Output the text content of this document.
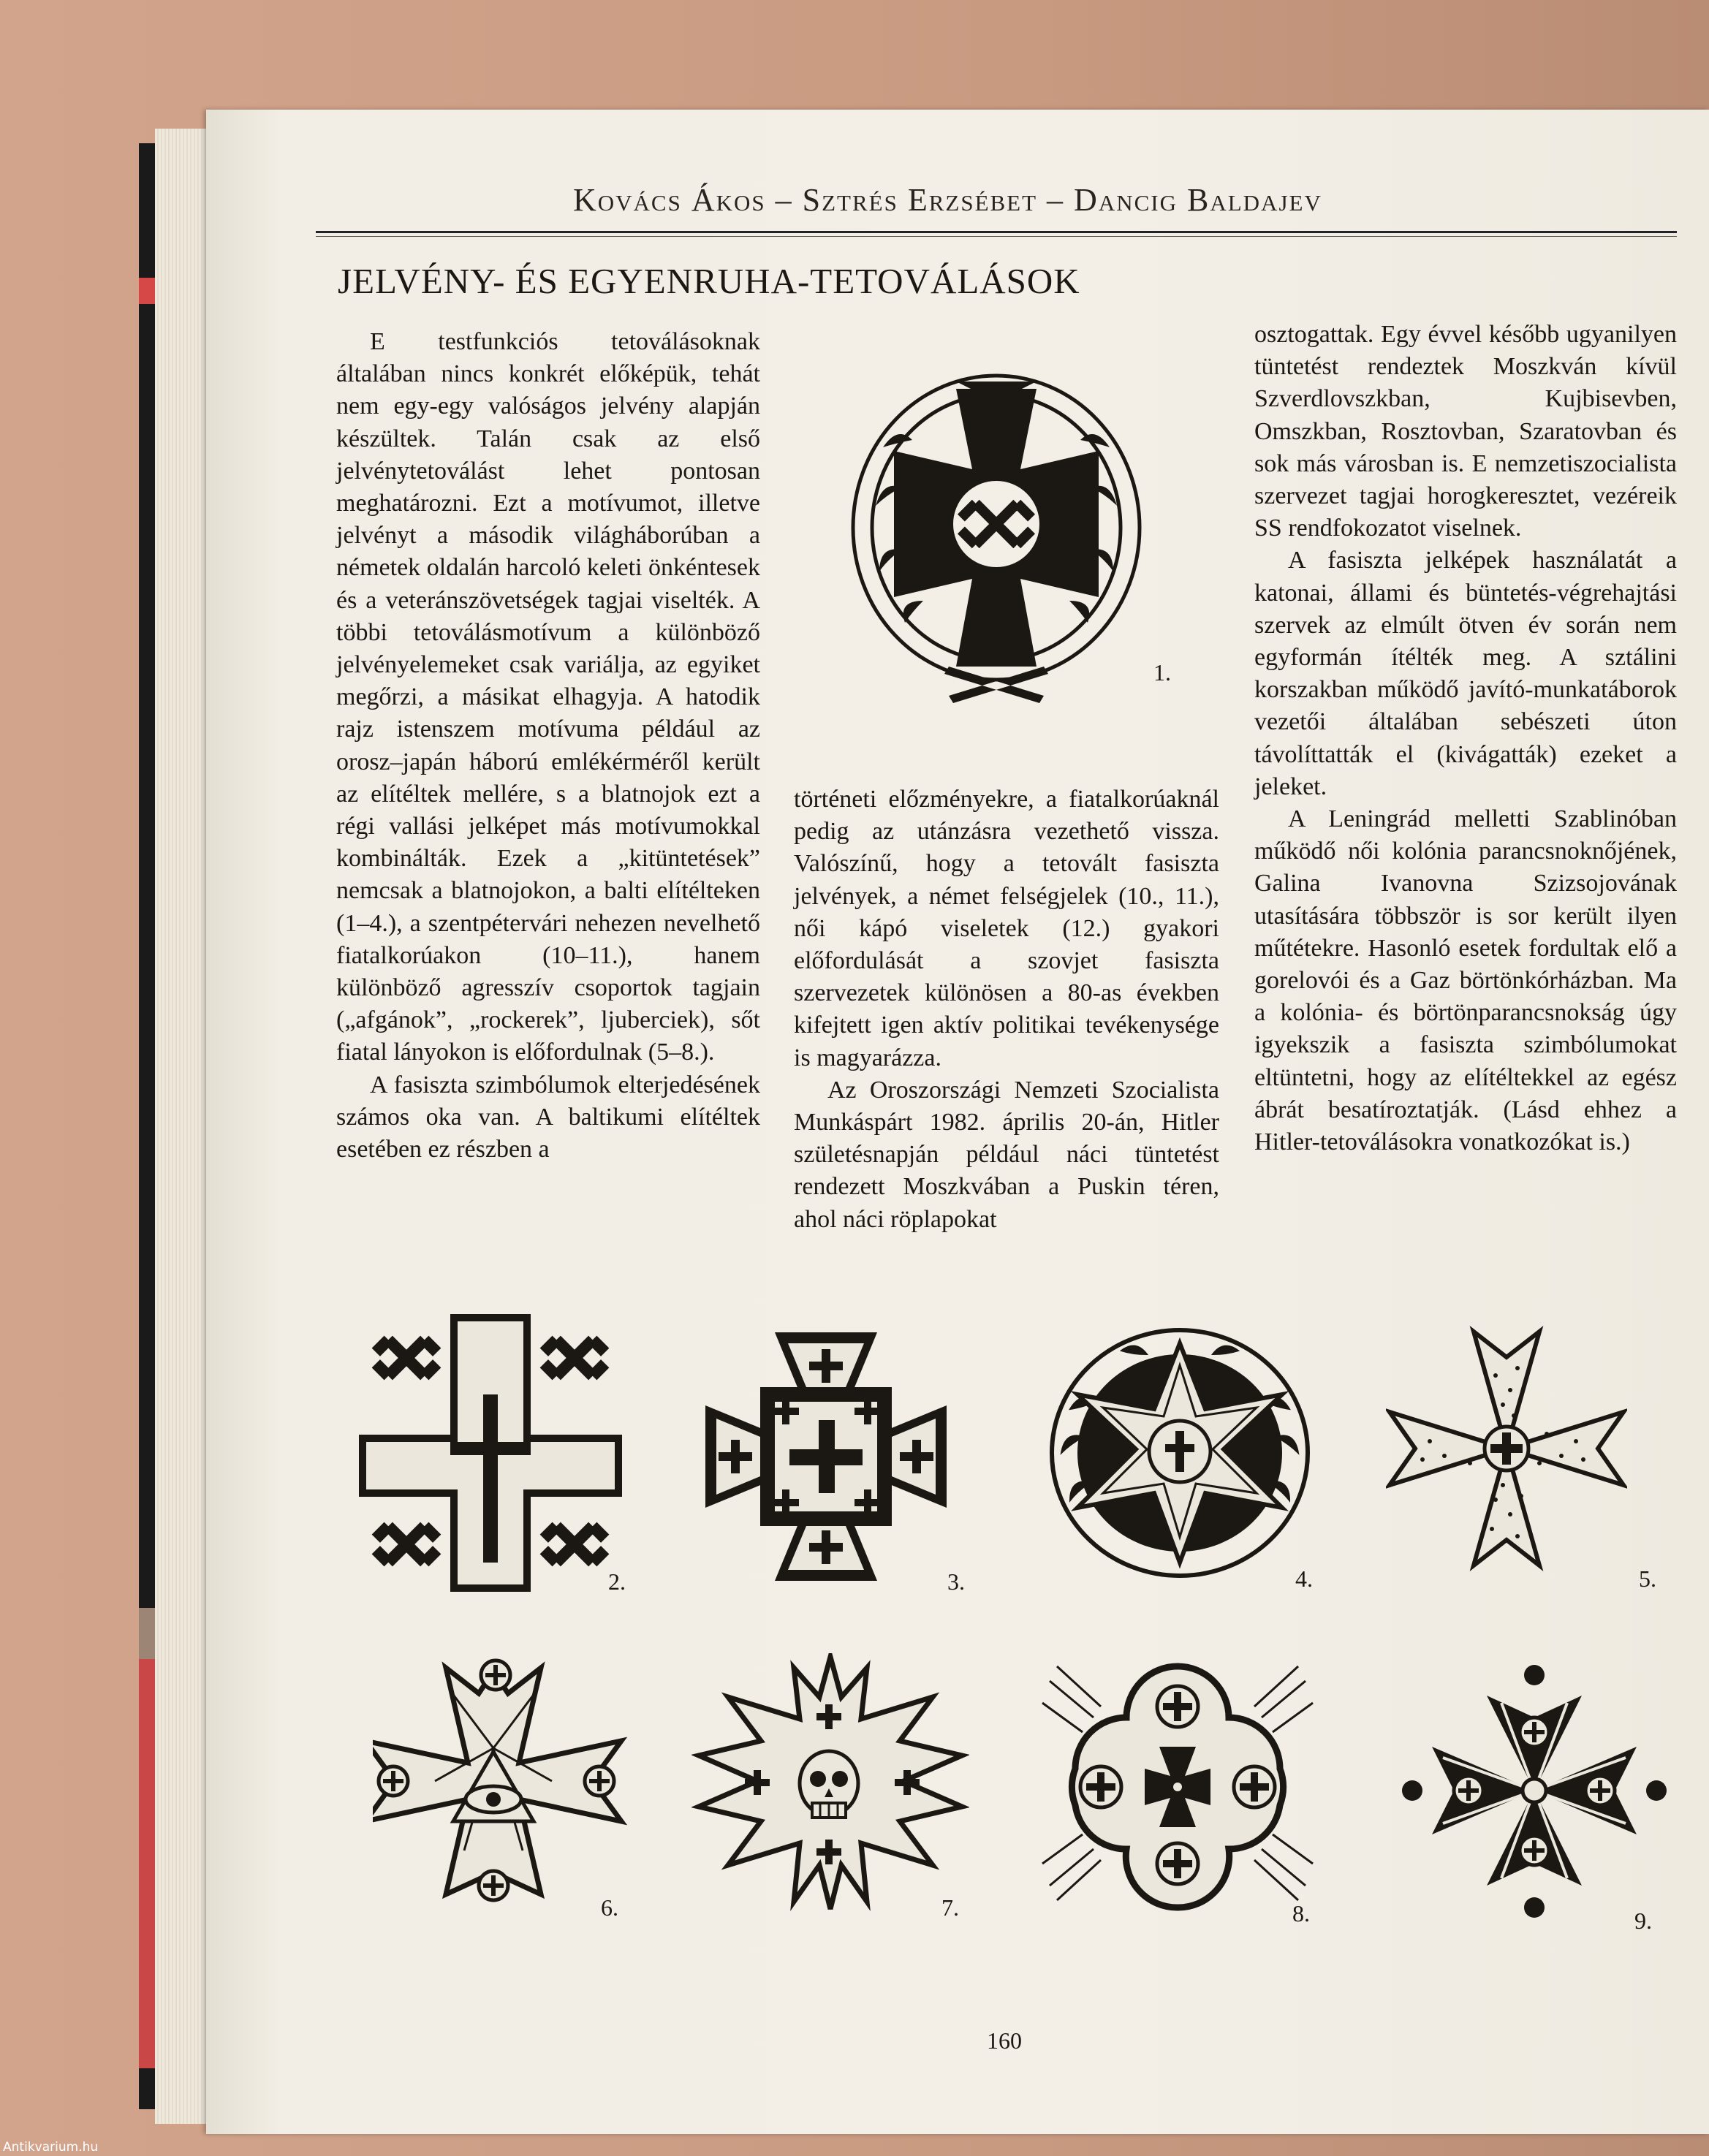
Kovács Ákos – Sztrés Erzsébet – Dancig Baldajev
JELVÉNY- ÉS EGYENRUHA-TETOVÁLÁSOK

E testfunkciós tetoválásoknak általában nincs konkrét előképük, tehát nem egy-egy valóságos jelvény alapján készültek. Talán csak az első jelvénytetoválást lehet pontosan meghatározni. Ezt a motívumot, illetve jelvényt a második világháborúban a németek oldalán harcoló keleti önkéntesek és a veteránszövetségek tagjai viselték. A többi tetoválásmotívum a különböző jelvényelemeket csak variálja, az egyiket megőrzi, a másikat elhagyja. A hatodik rajz istenszem motívuma például az orosz–japán háború emlékérméről került az elítéltek mellére, s a blatnojok ezt a régi vallási jelképet más motívumokkal kombinálták. Ezek a „kitüntetések” nemcsak a blatnojokon, a balti elítélteken (1–4.), a szentpétervári nehezen nevelhető fiatalkorúakon (10–11.), hanem különböző agresszív csoportok tagjain („afgánok”, „rockerek”, ljuberciek), sőt fiatal lányokon is előfordulnak (5–8.).

A fasiszta szimbólumok elterjedésének számos oka van. A baltikumi elítéltek esetében ez részben a

történeti előzményekre, a fiatalkorúaknál pedig az utánzásra vezethető vissza. Valószínű, hogy a tetovált fasiszta jelvények, a német felségjelek (10., 11.), női kápó viseletek (12.) gyakori előfordulását a szovjet fasiszta szervezetek különösen a 80-as években kifejtett igen aktív politikai tevékenysége is magyarázza.

Az Oroszországi Nemzeti Szocialista Munkáspárt 1982. április 20-án, Hitler születésnapján például náci tüntetést rendezett Moszkvában a Puskin téren, ahol náci röplapokat

osztogattak. Egy évvel később ugyanilyen tüntetést rendeztek Moszkván kívül Szverdlovszkban, Kujbisevben, Omszkban, Rosztovban, Szaratovban és sok más városban is. E nemzetiszocialista szervezet tagjai horogkeresztet, vezéreik SS rendfokozatot viselnek.

A fasiszta jelképek használatát a katonai, állami és büntetés-végrehajtási szervek az elmúlt ötven év során nem egyformán ítélték meg. A sztálini korszakban működő javító-munkatáborok vezetői általában sebészeti úton távolíttatták el (kivágatták) ezeket a jeleket.

A Leningrád melletti Szablinóban működő női kolónia parancsnoknőjének, Galina Ivanovna Szizsojovának utasítására többször is sor került ilyen műtétekre. Hasonló esetek fordultak elő a gorelovói és a Gaz börtönkórházban. Ma a kolónia- és börtönparancsnokság úgy igyekszik a fasiszta szimbólumokat eltüntetni, hogy az elítéltekkel az egész ábrát besatíroztatják. (Lásd ehhez a Hitler-tetoválásokra vonatkozókat is.)

1.
2.	3.	4.	5.
6.	7.	8.	9.
160
Antikvarium.hu
